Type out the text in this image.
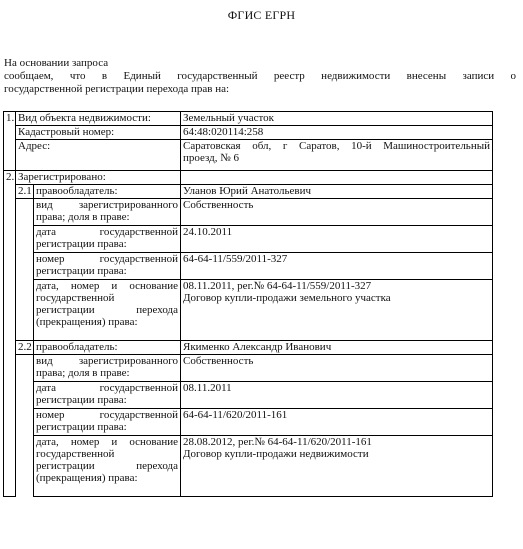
ФГИС ЕГРН
На основании запроса
сообщаем, что в Единый государственный реестр недвижимости внесены записи о
государственной регистрации перехода прав на:
1.	Вид объекта недвижимости:		Земельный участок
	Кадастровый номер:		64:48:020114:258
	Адрес:		Саратовская обл, г Саратов, 10-й Машиностроительный
проезд, № 6

2.	Зарегистрировано:		
	2.1	правообладатель:	Уланов Юрий Анатольевич

		вид зарегистрированного
права; доля в праве:	Собственность

		дата государственной
регистрации права:	24.10.2011

		номер государственной
регистрации права:	64-64-11/559/2011-327

		дата, номер и основание
государственной
регистрации перехода
(прекращения) права:	08.11.2011, рег.№ 64-64-11/559/2011-327
Договор купли-продажи земельного участка

	2.2	правообладатель:	Якименко Александр Иванович

		вид зарегистрированного
права; доля в праве:	Собственность

		дата государственной
регистрации права:	08.11.2011

		номер государственной
регистрации права:	64-64-11/620/2011-161

		дата, номер и основание
государственной
регистрации перехода
(прекращения) права:	28.08.2012, рег.№ 64-64-11/620/2011-161
Договор купли-продажи недвижимости
